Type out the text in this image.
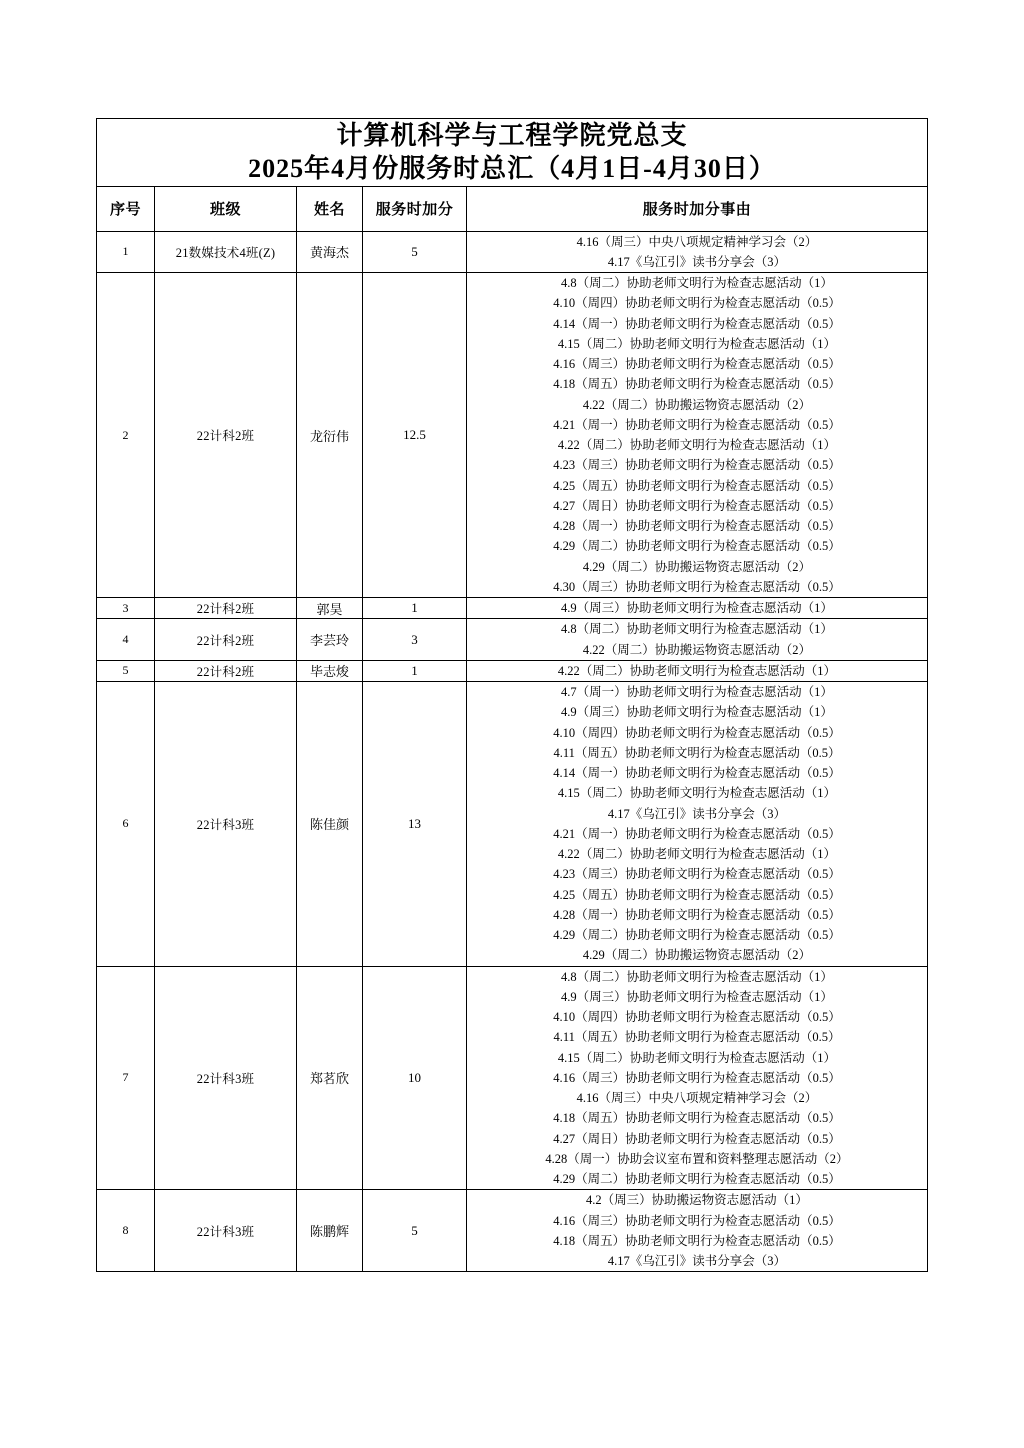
计算机科学与工程学院党总支
2025年4月份服务时总汇（4月1日-4月30日）				

序号	班级	姓名	服务时加分	服务时加分事由
1	21数媒技术4班(Z)	黄海杰	5	4.16（周三）中央八项规定精神学习会（2）
4.17《乌江引》读书分享会（3）

2	22计科2班	龙衍伟	12.5	
4.8（周二）协助老师文明行为检查志愿活动（1）
4.10（周四）协助老师文明行为检查志愿活动（0.5）
4.14（周一）协助老师文明行为检查志愿活动（0.5）
4.15（周二）协助老师文明行为检查志愿活动（1）
4.16（周三）协助老师文明行为检查志愿活动（0.5）
4.18（周五）协助老师文明行为检查志愿活动（0.5）
4.22（周二）协助搬运物资志愿活动（2）
4.21（周一）协助老师文明行为检查志愿活动（0.5）
4.22（周二）协助老师文明行为检查志愿活动（1）
4.23（周三）协助老师文明行为检查志愿活动（0.5）
4.25（周五）协助老师文明行为检查志愿活动（0.5）
4.27（周日）协助老师文明行为检查志愿活动（0.5）
4.28（周一）协助老师文明行为检查志愿活动（0.5）
4.29（周二）协助老师文明行为检查志愿活动（0.5）
4.29（周二）协助搬运物资志愿活动（2）
4.30（周三）协助老师文明行为检查志愿活动（0.5）

3	22计科2班	郭昊	1	4.9（周三）协助老师文明行为检查志愿活动（1）

4	22计科2班	李芸玲	3	4.8（周二）协助老师文明行为检查志愿活动（1）
4.22（周二）协助搬运物资志愿活动（2）

5	22计科2班	毕志焌	1	4.22（周二）协助老师文明行为检查志愿活动（1）

6	22计科3班	陈佳颜	13	
4.7（周一）协助老师文明行为检查志愿活动（1）
4.9（周三）协助老师文明行为检查志愿活动（1）
4.10（周四）协助老师文明行为检查志愿活动（0.5）
4.11（周五）协助老师文明行为检查志愿活动（0.5）
4.14（周一）协助老师文明行为检查志愿活动（0.5）
4.15（周二）协助老师文明行为检查志愿活动（1）
4.17《乌江引》读书分享会（3）
4.21（周一）协助老师文明行为检查志愿活动（0.5）
4.22（周二）协助老师文明行为检查志愿活动（1）
4.23（周三）协助老师文明行为检查志愿活动（0.5）
4.25（周五）协助老师文明行为检查志愿活动（0.5）
4.28（周一）协助老师文明行为检查志愿活动（0.5）
4.29（周二）协助老师文明行为检查志愿活动（0.5）
4.29（周二）协助搬运物资志愿活动（2）

7	22计科3班	郑茗欣	10	
4.8（周二）协助老师文明行为检查志愿活动（1）
4.9（周三）协助老师文明行为检查志愿活动（1）
4.10（周四）协助老师文明行为检查志愿活动（0.5）
4.11（周五）协助老师文明行为检查志愿活动（0.5）
4.15（周二）协助老师文明行为检查志愿活动（1）
4.16（周三）协助老师文明行为检查志愿活动（0.5）
4.16（周三）中央八项规定精神学习会（2）
4.18（周五）协助老师文明行为检查志愿活动（0.5）
4.27（周日）协助老师文明行为检查志愿活动（0.5）
4.28（周一）协助会议室布置和资料整理志愿活动（2）
4.29（周二）协助老师文明行为检查志愿活动（0.5）

8	22计科3班	陈鹏辉	5	4.2（周三）协助搬运物资志愿活动（1）
4.16（周三）协助老师文明行为检查志愿活动（0.5）
4.18（周五）协助老师文明行为检查志愿活动（0.5）
4.17《乌江引》读书分享会（3）
